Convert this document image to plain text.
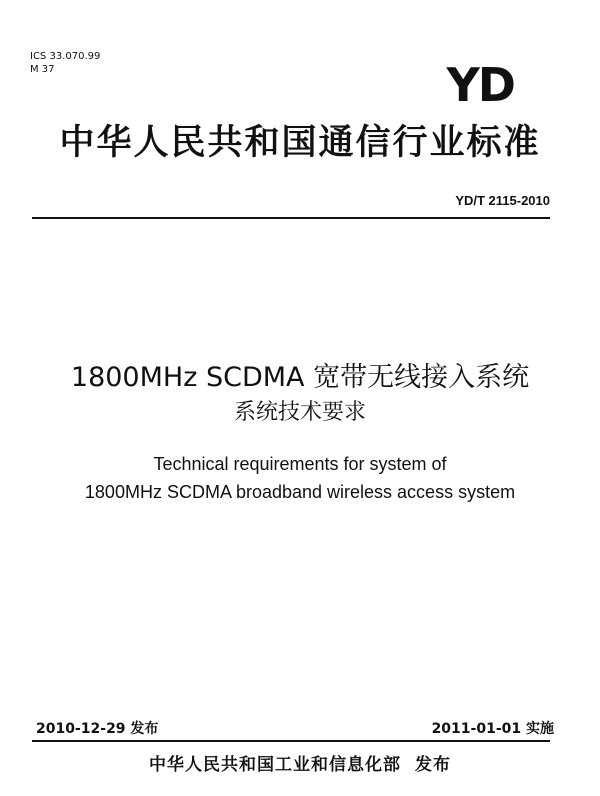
ICS 33.070.99
M 37	YD
中华人民共和国通信行业标准
YD/T 2115-2010
1800MHz SCDMA 宽带无线接入系统
系统技术要求
Technical requirements for system of
1800MHz SCDMA broadband wireless access system
2010-12-29 发布	2011-01-01 实施
中华人民共和国工业和信息化部 发布
